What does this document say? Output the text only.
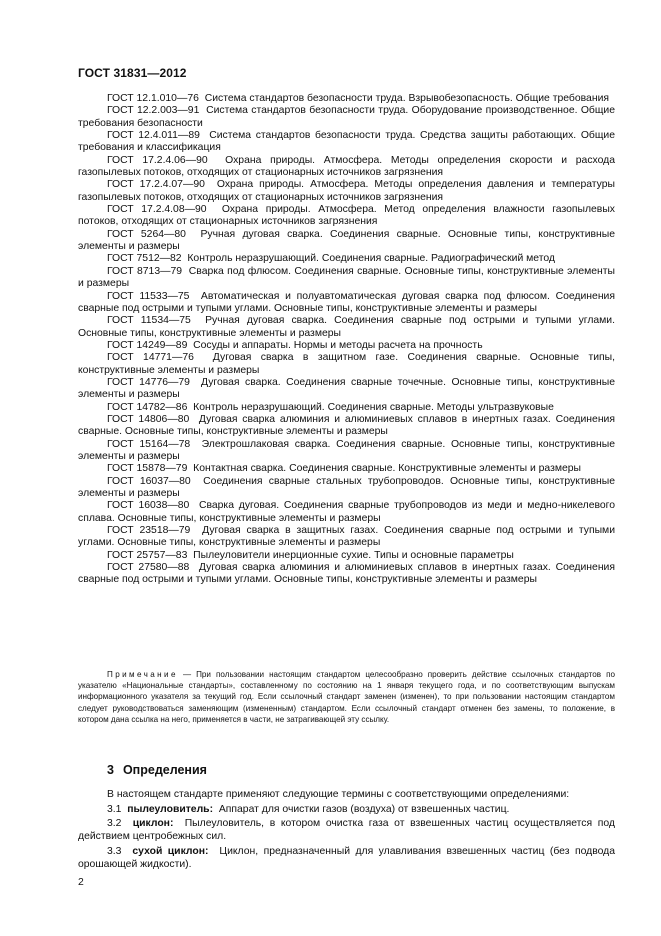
ГОСТ 31831—2012

ГОСТ 12.1.010—76 Система стандартов безопасности труда. Взрывобезопасность. Общие требования

ГОСТ 12.2.003—91 Система стандартов безопасности труда. Оборудование производственное. Общие требования безопасности

ГОСТ 12.4.011—89 Система стандартов безопасности труда. Средства защиты работающих. Общие требования и классификация

ГОСТ 17.2.4.06—90 Охрана природы. Атмосфера. Методы определения скорости и расхода газопылевых потоков, отходящих от стационарных источников загрязнения

ГОСТ 17.2.4.07—90 Охрана природы. Атмосфера. Методы определения давления и температуры газопылевых потоков, отходящих от стационарных источников загрязнения

ГОСТ 17.2.4.08—90 Охрана природы. Атмосфера. Метод определения влажности газопылевых потоков, отходящих от стационарных источников загрязнения

ГОСТ 5264—80 Ручная дуговая сварка. Соединения сварные. Основные типы, конструктивные элементы и размеры

ГОСТ 7512—82 Контроль неразрушающий. Соединения сварные. Радиографический метод

ГОСТ 8713—79 Сварка под флюсом. Соединения сварные. Основные типы, конструктивные элементы и размеры

ГОСТ 11533—75 Автоматическая и полуавтоматическая дуговая сварка под флюсом. Соединения сварные под острыми и тупыми углами. Основные типы, конструктивные элементы и размеры

ГОСТ 11534—75 Ручная дуговая сварка. Соединения сварные под острыми и тупыми углами. Основные типы, конструктивные элементы и размеры

ГОСТ 14249—89 Сосуды и аппараты. Нормы и методы расчета на прочность

ГОСТ 14771—76 Дуговая сварка в защитном газе. Соединения сварные. Основные типы, конструктивные элементы и размеры

ГОСТ 14776—79 Дуговая сварка. Соединения сварные точечные. Основные типы, конструктивные элементы и размеры

ГОСТ 14782—86 Контроль неразрушающий. Соединения сварные. Методы ультразвуковые

ГОСТ 14806—80 Дуговая сварка алюминия и алюминиевых сплавов в инертных газах. Соединения сварные. Основные типы, конструктивные элементы и размеры

ГОСТ 15164—78 Электрошлаковая сварка. Соединения сварные. Основные типы, конструктивные элементы и размеры

ГОСТ 15878—79 Контактная сварка. Соединения сварные. Конструктивные элементы и размеры

ГОСТ 16037—80 Соединения сварные стальных трубопроводов. Основные типы, конструктивные элементы и размеры

ГОСТ 16038—80 Сварка дуговая. Соединения сварные трубопроводов из меди и медно-никелевого сплава. Основные типы, конструктивные элементы и размеры

ГОСТ 23518—79 Дуговая сварка в защитных газах. Соединения сварные под острыми и тупыми углами. Основные типы, конструктивные элементы и размеры

ГОСТ 25757—83 Пылеуловители инерционные сухие. Типы и основные параметры

ГОСТ 27580—88 Дуговая сварка алюминия и алюминиевых сплавов в инертных газах. Соединения сварные под острыми и тупыми углами. Основные типы, конструктивные элементы и размеры

Примечание — При пользовании настоящим стандартом целесообразно проверить действие ссылочных стандартов по указателю «Национальные стандарты», составленному по состоянию на 1 января текущего года, и по соответствующим выпускам информационного указателя за текущий год. Если ссылочный стандарт заменен (изменен), то при пользовании настоящим стандартом следует руководствоваться заменяющим (измененным) стандартом. Если ссылочный стандарт отменен без замены, то положение, в котором дана ссылка на него, применяется в части, не затрагивающей эту ссылку.

3 Определения

В настоящем стандарте применяют следующие термины с соответствующими определениями:

3.1 пылеуловитель: Аппарат для очистки газов (воздуха) от взвешенных частиц.

3.2 циклон: Пылеуловитель, в котором очистка газа от взвешенных частиц осуществляется под действием центробежных сил.

3.3 сухой циклон: Циклон, предназначенный для улавливания взвешенных частиц (без подвода орошающей жидкости).

2
